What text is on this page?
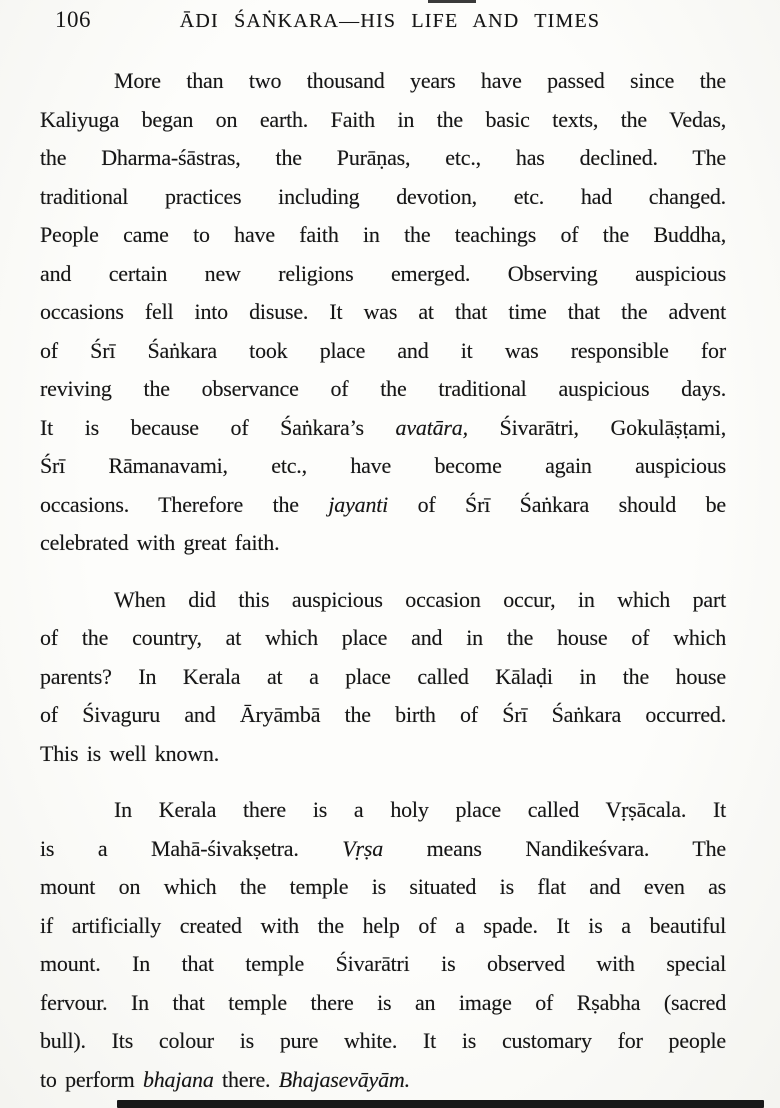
106	ĀDI ŚAṄKARA—HIS LIFE AND TIMES
More than two thousand years have passed since the
Kaliyuga began on earth. Faith in the basic texts, the Vedas,
the Dharma-śāstras, the Purāṇas, etc., has declined. The
traditional practices including devotion, etc. had changed.
People came to have faith in the teachings of the Buddha,
and certain new religions emerged. Observing auspicious
occasions fell into disuse. It was at that time that the advent
of Śrī Śaṅkara took place and it was responsible for
reviving the observance of the traditional auspicious days.
It is because of Śaṅkara’s avatāra, Śivarātri, Gokulāṣṭami,
Śrī Rāmanavami, etc., have become again auspicious
occasions. Therefore the jayanti of Śrī Śaṅkara should be
celebrated with great faith.
When did this auspicious occasion occur, in which part
of the country, at which place and in the house of which
parents? In Kerala at a place called Kālaḍi in the house
of Śivaguru and Āryāmbā the birth of Śrī Śaṅkara occurred.
This is well known.
In Kerala there is a holy place called Vṛṣācala. It
is a Mahā-śivakṣetra. Vṛṣa means Nandikeśvara. The
mount on which the temple is situated is flat and even as
if artificially created with the help of a spade. It is a beautiful
mount. In that temple Śivarātri is observed with special
fervour. In that temple there is an image of Rṣabha (sacred
bull). Its colour is pure white. It is customary for people
to perform bhajana there. Bhajasevāyām.
